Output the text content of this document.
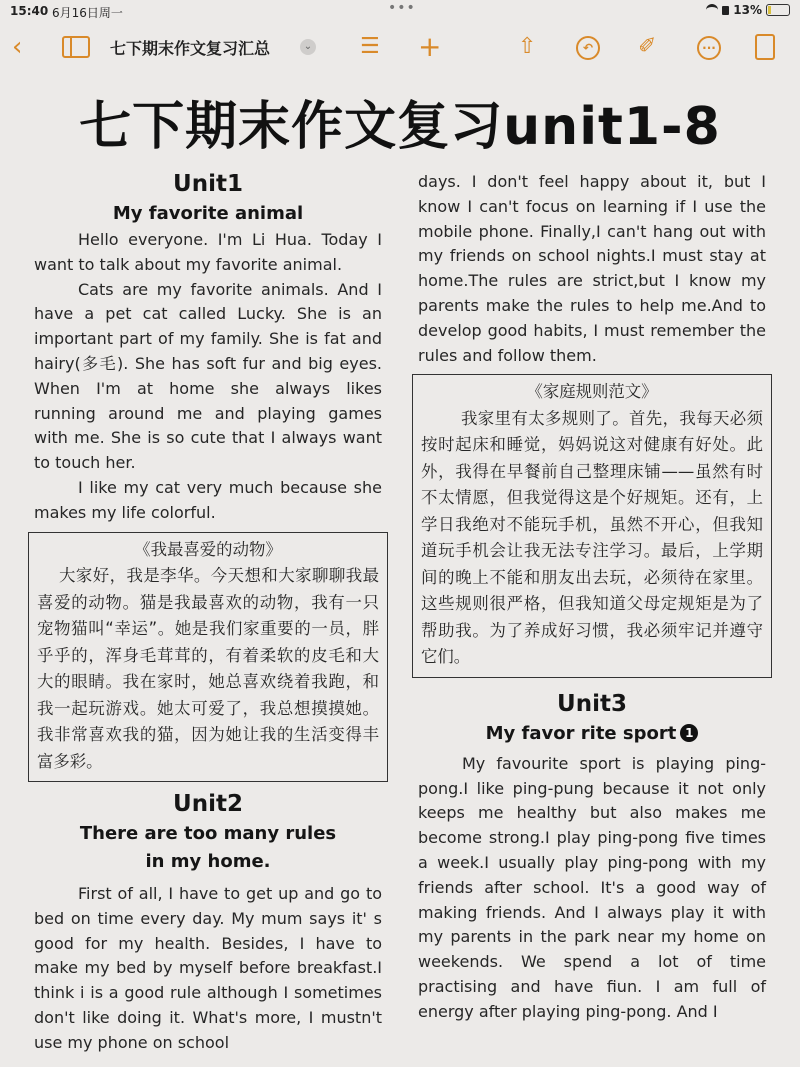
15:40 6月16日周一	•••	13%
‹	七下期末作文复习汇总	⌄ ☰ +	⇧	↶	✐	···
七下期末作文复习unit1-8
Unit1
My favorite animal

Hello everyone. I'm Li Hua. Today I want to talk about my favorite animal.

Cats are my favorite animals. And I have a pet cat called Lucky. She is an important part of my family. She is fat and hairy(多毛). She has soft fur and big eyes. When I'm at home she always likes running around me and playing games with me. She is so cute that I always want to touch her.

I like my cat very much because she makes my life colorful.

《我最喜爱的动物》

大家好，我是李华。今天想和大家聊聊我最喜爱的动物。猫是我最喜欢的动物，我有一只宠物猫叫“幸运”。她是我们家重要的一员，胖乎乎的，浑身毛茸茸的，有着柔软的皮毛和大大的眼睛。我在家时，她总喜欢绕着我跑，和我一起玩游戏。她太可爱了，我总想摸摸她。我非常喜欢我的猫，因为她让我的生活变得丰富多彩。

Unit2
There are too many rules
in my home.

First of all, I have to get up and go to bed on time every day. My mum says it' s good for my health. Besides, I have to make my bed by myself before breakfast.I think i is a good rule although I sometimes don't like doing it. What's more, I mustn't use my phone on school

days. I don't feel happy about it, but I know I can't focus on learning if I use the mobile phone. Finally,I can't hang out with my friends on school nights.I must stay at home.The rules are strict,but I know my parents make the rules to help me.And to develop good habits, I must remember the rules and follow them.

《家庭规则范文》

我家里有太多规则了。首先，我每天必须按时起床和睡觉，妈妈说这对健康有好处。此外，我得在早餐前自己整理床铺——虽然有时不太情愿，但我觉得这是个好规矩。还有，上学日我绝对不能玩手机，虽然不开心，但我知道玩手机会让我无法专注学习。最后，上学期间的晚上不能和朋友出去玩，必须待在家里。这些规则很严格，但我知道父母定规矩是为了帮助我。为了养成好习惯，我必须牢记并遵守它们。

Unit3
My favor rite sport 1

My favourite sport is playing ping-pong.I like ping-pung because it not only keeps me healthy but also makes me become strong.I play ping-pong five times a week.I usually play ping-pong with my friends after school. It's a good way of making friends. And I always play it with my parents in the park near my home on weekends. We spend a lot of time practising and have fiun. I am full of energy after playing ping-pong. And I
